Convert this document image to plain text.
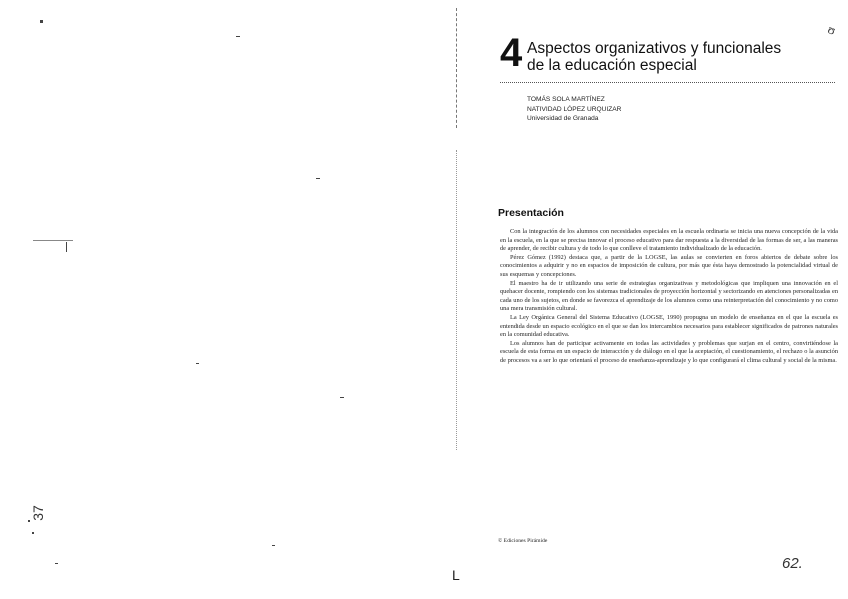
37
ʊ
4 Aspectos organizativos y funcionales
de la educación especial
TOMÁS SOLA MARTÍNEZ
NATIVIDAD LÓPEZ URQUIZAR
Universidad de Granada
Presentación

Con la integración de los alumnos con necesidades especiales en la escuela ordinaria se inicia una nueva concepción de la vida en la escuela, en la que se precisa innovar el proceso educativo para dar respuesta a la diversidad de las formas de ser, a las maneras de aprender, de recibir cultura y de todo lo que conlleve el tratamiento individualizado de la educación.

Pérez Gómez (1992) destaca que, a partir de la LOGSE, las aulas se convierten en foros abiertos de debate sobre los conocimientos a adquirir y no en espacios de imposición de cultura, por más que ésta haya demostrado la potencialidad virtual de sus esquemas y concepciones.

El maestro ha de ir utilizando una serie de estrategias organizativas y metodológicas que impliquen una innovación en el quehacer docente, rompiendo con los sistemas tradicionales de proyección horizontal y sectorizando en atenciones personalizadas en cada uno de los sujetos, en donde se favorezca el aprendizaje de los alumnos como una reinterpretación del conocimiento y no como una mera transmisión cultural.

La Ley Orgánica General del Sistema Educativo (LOGSE, 1990) propugna un modelo de enseñanza en el que la escuela es entendida desde un espacio ecológico en el que se dan los intercambios necesarios para establecer significados de patrones naturales en la comunidad educativa.

Los alumnos han de participar activamente en todas las actividades y problemas que surjan en el centro, convirtiéndose la escuela de esta forma en un espacio de interacción y de diálogo en el que la aceptación, el cuestionamiento, el rechazo o la asunción de procesos va a ser lo que orientará el proceso de enseñanza-aprendizaje y lo que configurará el clima cultural y social de la misma.

© Ediciones Pirámide
62.
L
